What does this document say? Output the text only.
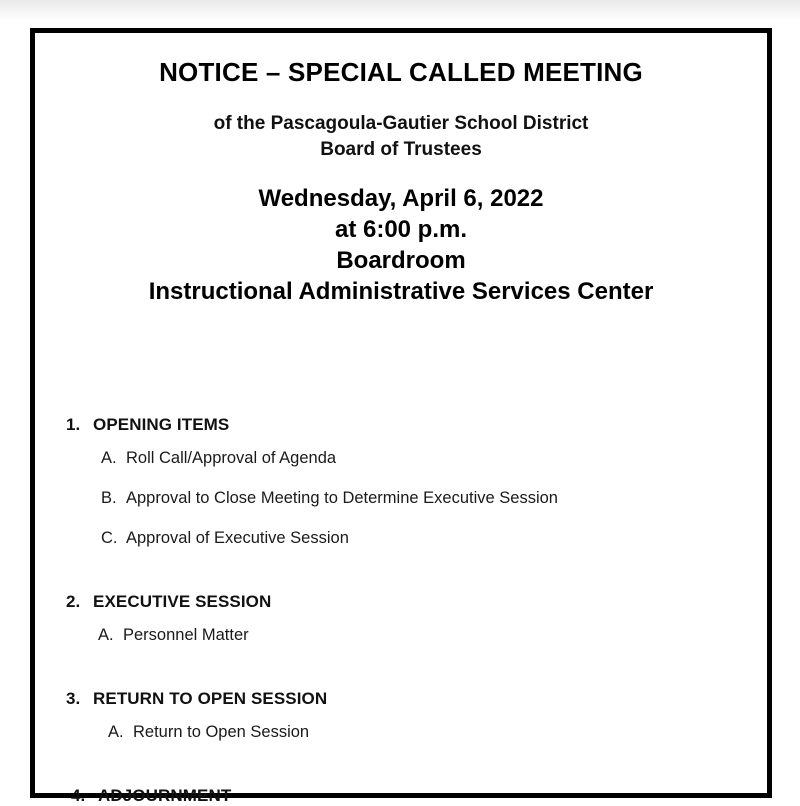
NOTICE – SPECIAL CALLED MEETING
of the Pascagoula-Gautier School District
Board of Trustees
Wednesday, April 6, 2022
at 6:00 p.m.
Boardroom
Instructional Administrative Services Center
1. OPENING ITEMS
A. Roll Call/Approval of Agenda
B. Approval to Close Meeting to Determine Executive Session
C. Approval of Executive Session
2. EXECUTIVE SESSION
A. Personnel Matter
3. RETURN TO OPEN SESSION
A. Return to Open Session
4. ADJOURNMENT
